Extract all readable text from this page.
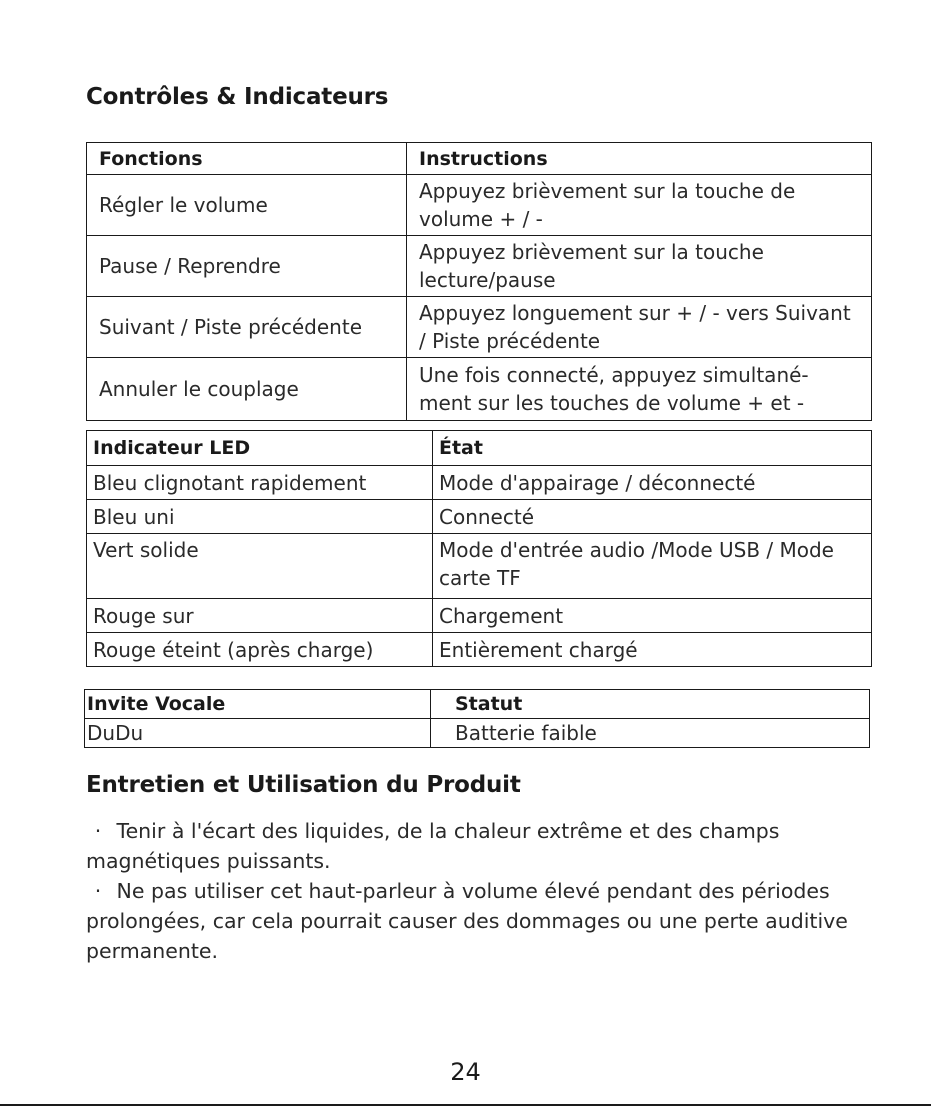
Contrôles & Indicateurs
Fonctions	Instructions
Régler le volume	Appuyez brièvement sur la touche de volume + / -
Pause / Reprendre	Appuyez brièvement sur la touche lecture/pause
Suivant / Piste précédente	Appuyez longuement sur + / - vers Suivant / Piste précédente
Annuler le couplage	Une fois connecté, appuyez simultané-ment sur les touches de volume + et -
Indicateur LED	État
Bleu clignotant rapidement	Mode d'appairage / déconnecté
Bleu uni	Connecté
Vert solide	Mode d'entrée audio /Mode USB / Mode carte TF
Rouge sur	Chargement
Rouge éteint (après charge)	Entièrement chargé
Invite Vocale	Statut
DuDu	Batterie faible
Entretien et Utilisation du Produit

· Tenir à l'écart des liquides, de la chaleur extrême et des champs magnétiques puissants.

· Ne pas utiliser cet haut-parleur à volume élevé pendant des périodes prolongées, car cela pourrait causer des dommages ou une perte auditive permanente.

24
